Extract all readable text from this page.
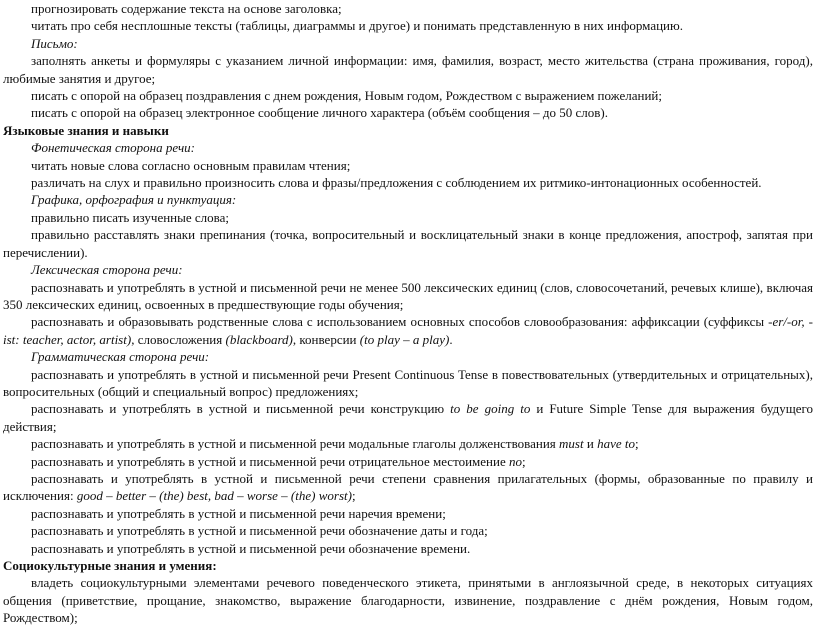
прогнозировать содержание текста на основе заголовка;
читать про себя несплошные тексты (таблицы, диаграммы и другое) и понимать представленную в них информацию.
Письмо:
заполнять анкеты и формуляры с указанием личной информации: имя, фамилия, возраст, место жительства (страна проживания, город), любимые занятия и другое;
писать с опорой на образец поздравления с днем рождения, Новым годом, Рождеством с выражением пожеланий;
писать с опорой на образец электронное сообщение личного характера (объём сообщения – до 50 слов).
Языковые знания и навыки
Фонетическая сторона речи:
читать новые слова согласно основным правилам чтения;
различать на слух и правильно произносить слова и фразы/предложения с соблюдением их ритмико-интонационных особенностей.
Графика, орфография и пунктуация:
правильно писать изученные слова;
правильно расставлять знаки препинания (точка, вопросительный и восклицательный знаки в конце предложения, апостроф, запятая при перечислении).
Лексическая сторона речи:
распознавать и употреблять в устной и письменной речи не менее 500 лексических единиц (слов, словосочетаний, речевых клише), включая 350 лексических единиц, освоенных в предшествующие годы обучения;
распознавать и образовывать родственные слова с использованием основных способов словообразования: аффиксации (суффиксы -er/-or, -ist: teacher, actor, artist), словосложения (blackboard), конверсии (to play – a play).
Грамматическая сторона речи:
распознавать и употреблять в устной и письменной речи Present Continuous Tense в повествовательных (утвердительных и отрицательных), вопросительных (общий и специальный вопрос) предложениях;
распознавать и употреблять в устной и письменной речи конструкцию to be going to и Future Simple Tense для выражения будущего действия;
распознавать и употреблять в устной и письменной речи модальные глаголы долженствования must и have to;
распознавать и употреблять в устной и письменной речи отрицательное местоимение no;
распознавать и употреблять в устной и письменной речи степени сравнения прилагательных (формы, образованные по правилу и исключения: good – better – (the) best, bad – worse – (the) worst);
распознавать и употреблять в устной и письменной речи наречия времени;
распознавать и употреблять в устной и письменной речи обозначение даты и года;
распознавать и употреблять в устной и письменной речи обозначение времени.
Социокультурные знания и умения:
владеть социокультурными элементами речевого поведенческого этикета, принятыми в англоязычной среде, в некоторых ситуациях общения (приветствие, прощание, знакомство, выражение благодарности, извинение, поздравление с днём рождения, Новым годом, Рождеством);
